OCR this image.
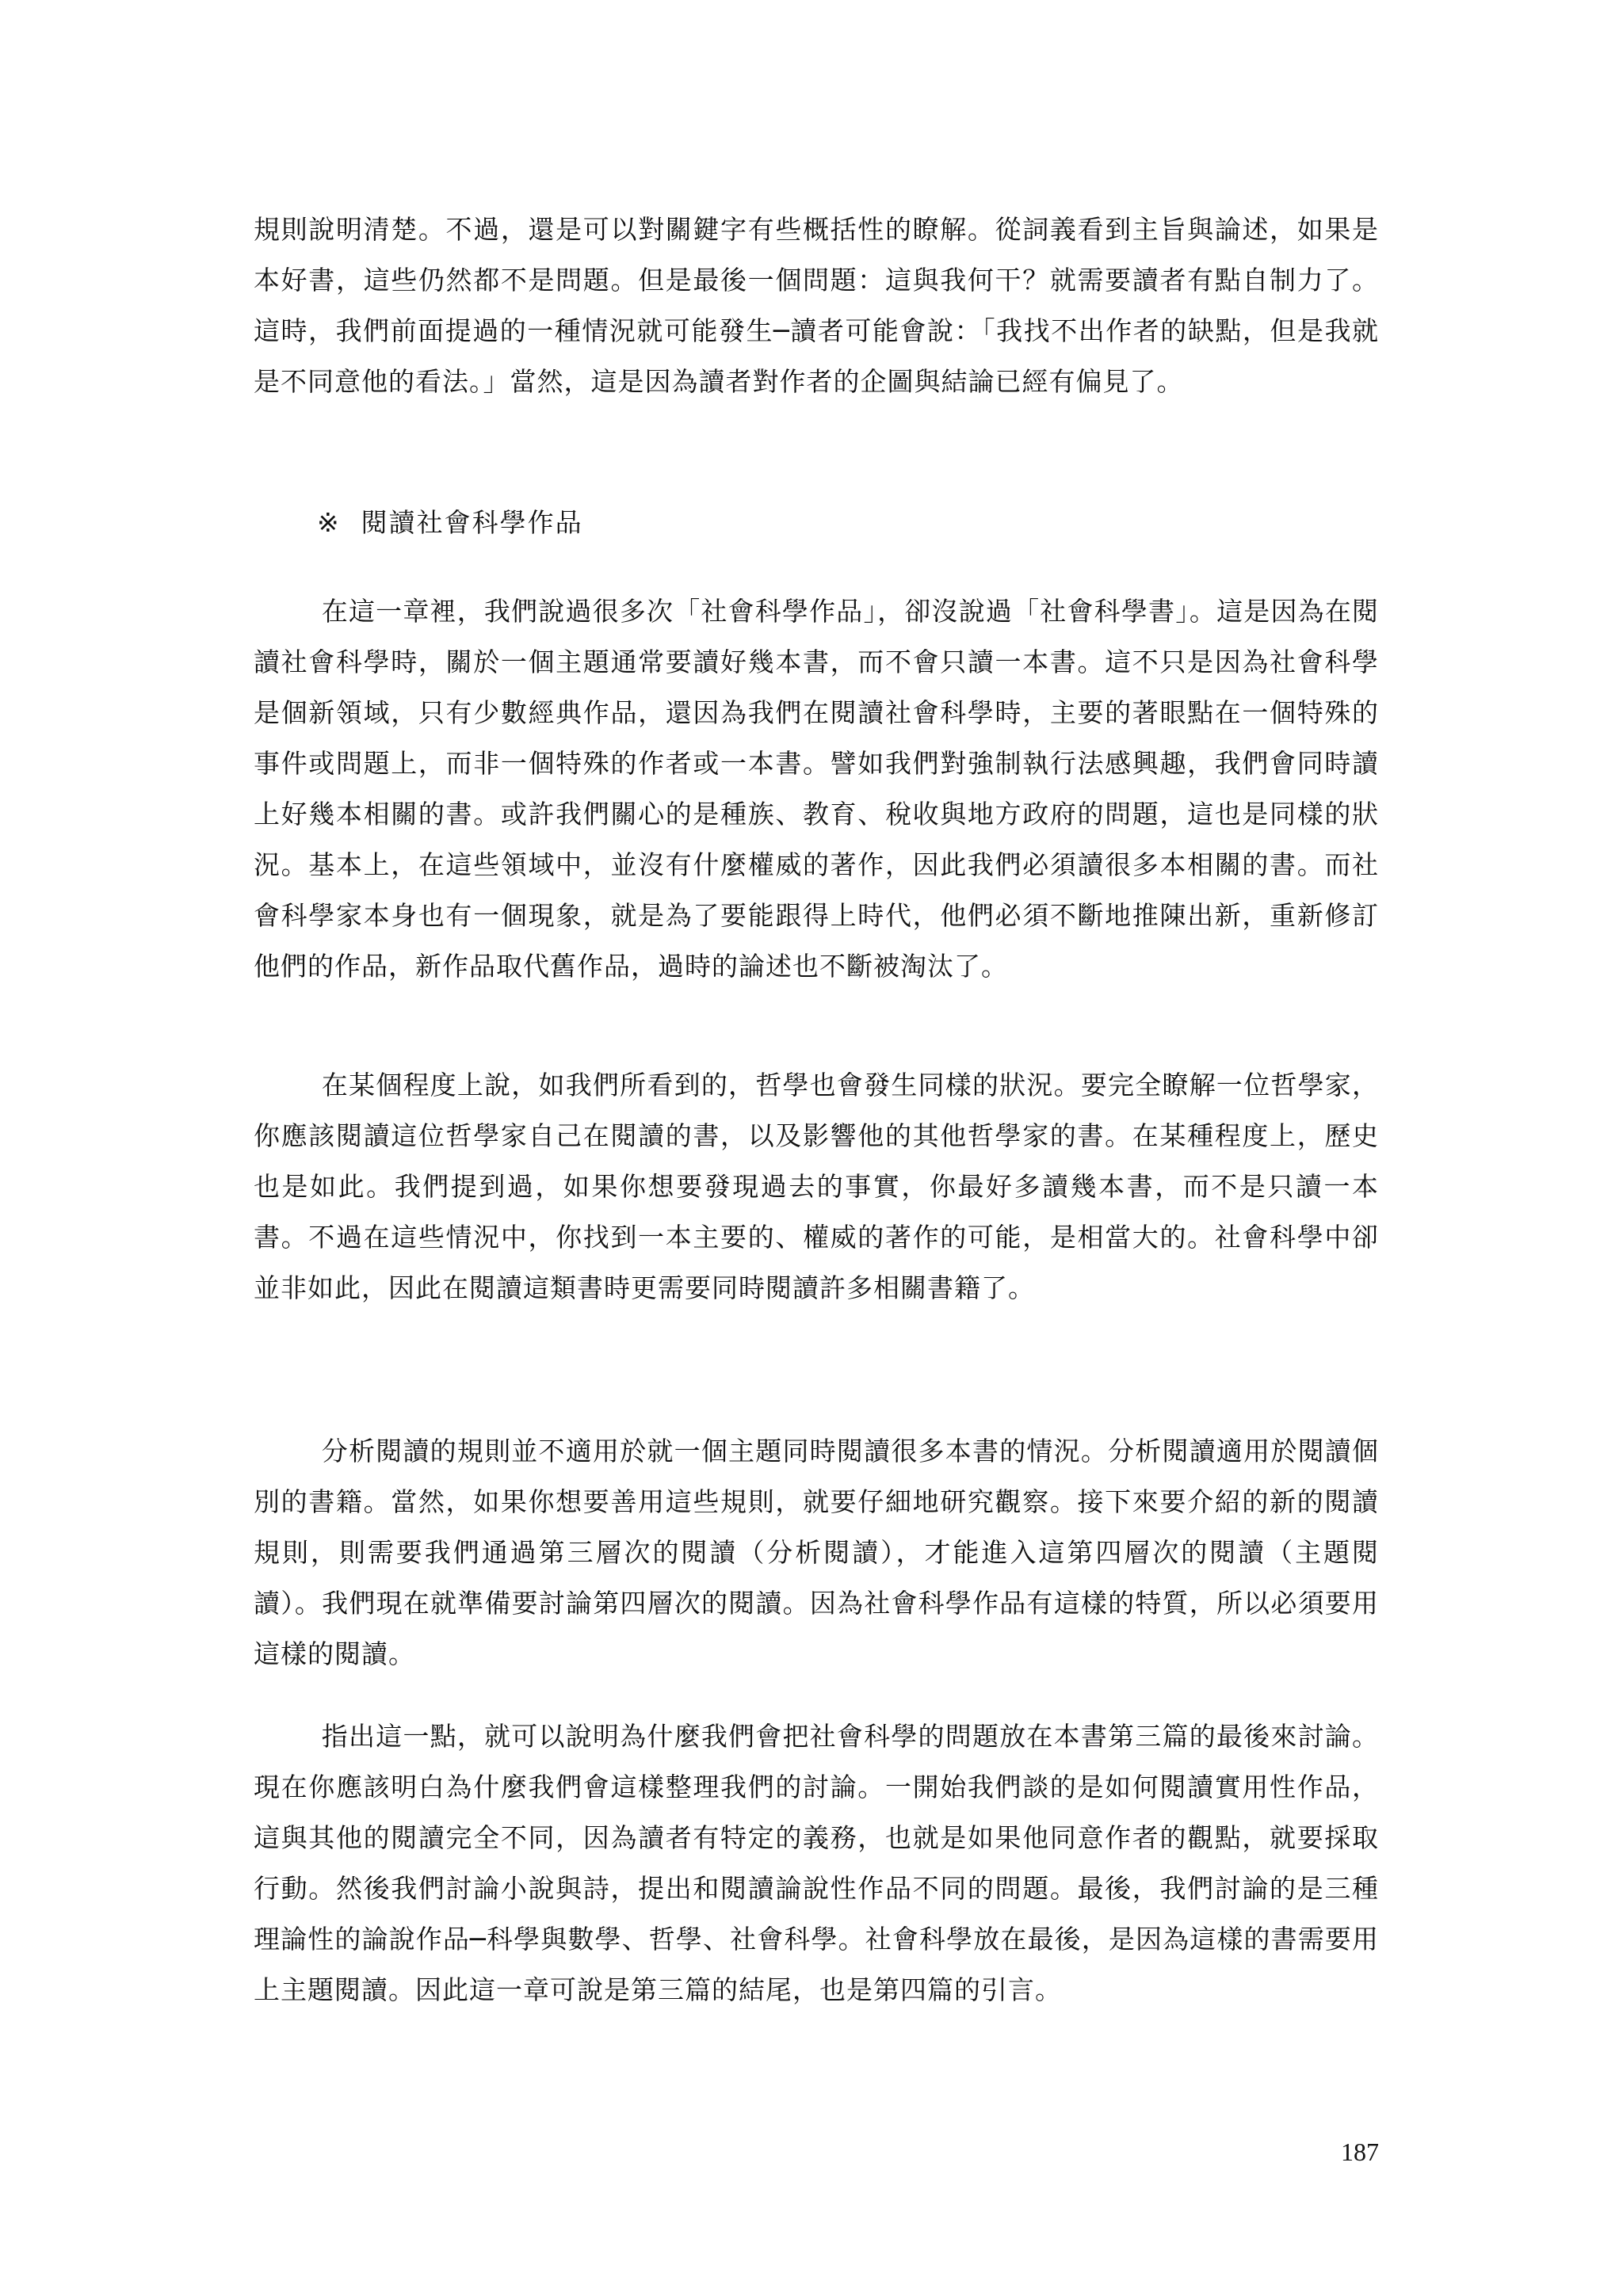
規則說明清楚。不過，還是可以對關鍵字有些概括性的瞭解。從詞義看到主旨與論述，如果是本好書，這些仍然都不是問題。但是最後一個問題：這與我何干？就需要讀者有點自制力了。這時，我們前面提過的一種情況就可能發生─讀者可能會說：「我找不出作者的缺點，但是我就是不同意他的看法。」當然，這是因為讀者對作者的企圖與結論已經有偏見了。

※ 閱讀社會科學作品

在這一章裡，我們說過很多次「社會科學作品」，卻沒說過「社會科學書」。這是因為在閱讀社會科學時，關於一個主題通常要讀好幾本書，而不會只讀一本書。這不只是因為社會科學是個新領域，只有少數經典作品，還因為我們在閱讀社會科學時，主要的著眼點在一個特殊的事件或問題上，而非一個特殊的作者或一本書。譬如我們對強制執行法感興趣，我們會同時讀上好幾本相關的書。或許我們關心的是種族、教育、稅收與地方政府的問題，這也是同樣的狀況。基本上，在這些領域中，並沒有什麼權威的著作，因此我們必須讀很多本相關的書。而社會科學家本身也有一個現象，就是為了要能跟得上時代，他們必須不斷地推陳出新，重新修訂他們的作品，新作品取代舊作品，過時的論述也不斷被淘汰了。

在某個程度上說，如我們所看到的，哲學也會發生同樣的狀況。要完全瞭解一位哲學家，你應該閱讀這位哲學家自己在閱讀的書，以及影響他的其他哲學家的書。在某種程度上，歷史也是如此。我們提到過，如果你想要發現過去的事實，你最好多讀幾本書，而不是只讀一本書。不過在這些情況中，你找到一本主要的、權威的著作的可能，是相當大的。社會科學中卻並非如此，因此在閱讀這類書時更需要同時閱讀許多相關書籍了。

分析閱讀的規則並不適用於就一個主題同時閱讀很多本書的情況。分析閱讀適用於閱讀個別的書籍。當然，如果你想要善用這些規則，就要仔細地研究觀察。接下來要介紹的新的閱讀規則，則需要我們通過第三層次的閱讀（分析閱讀），才能進入這第四層次的閱讀（主題閱讀）。我們現在就準備要討論第四層次的閱讀。因為社會科學作品有這樣的特質，所以必須要用這樣的閱讀。

指出這一點，就可以說明為什麼我們會把社會科學的問題放在本書第三篇的最後來討論。現在你應該明白為什麼我們會這樣整理我們的討論。一開始我們談的是如何閱讀實用性作品，這與其他的閱讀完全不同，因為讀者有特定的義務，也就是如果他同意作者的觀點，就要採取行動。然後我們討論小說與詩，提出和閱讀論說性作品不同的問題。最後，我們討論的是三種理論性的論說作品─科學與數學、哲學、社會科學。社會科學放在最後，是因為這樣的書需要用上主題閱讀。因此這一章可說是第三篇的結尾，也是第四篇的引言。

187
